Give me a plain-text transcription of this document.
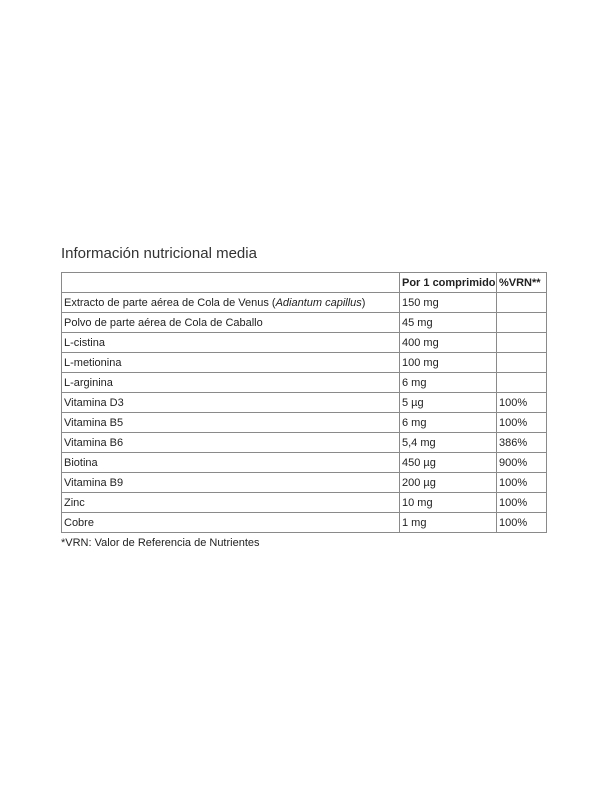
Información nutricional media
	Por 1 comprimido	%VRN**
Extracto de parte aérea de Cola de Venus (Adiantum capillus)	150 mg	
Polvo de parte aérea de Cola de Caballo	45 mg	
L-cistina	400 mg	
L-metionina	100 mg	
L-arginina	6 mg	
Vitamina D3	5 µg	100%
Vitamina B5	6 mg	100%
Vitamina B6	5,4 mg	386%
Biotina	450 µg	900%
Vitamina B9	200 µg	100%
Zinc	10 mg	100%
Cobre	1 mg	100%
*VRN: Valor de Referencia de Nutrientes
